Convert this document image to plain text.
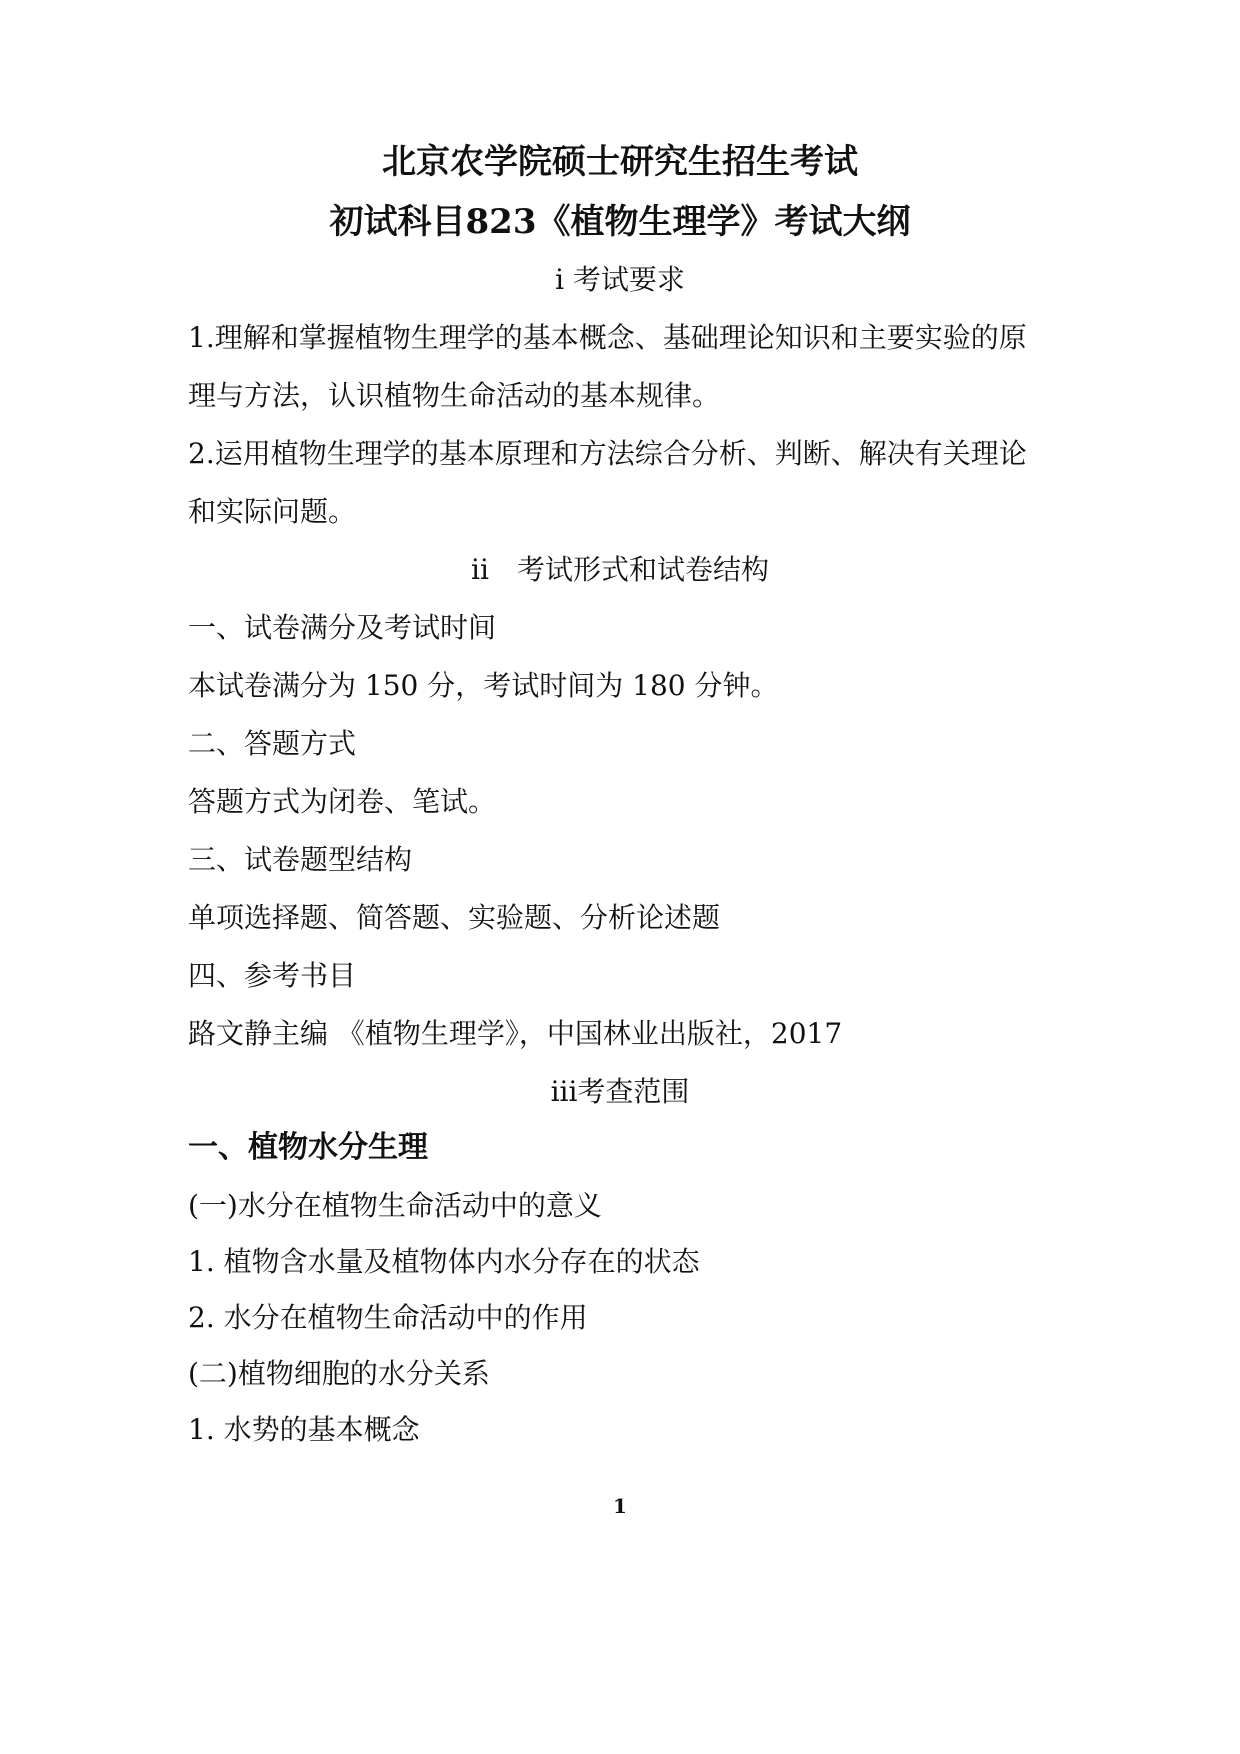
北京农学院硕士研究生招生考试
初试科目823《植物生理学》考试大纲
i 考试要求
1.理解和掌握植物生理学的基本概念、基础理论知识和主要实验的原
理与方法，认识植物生命活动的基本规律。
2.运用植物生理学的基本原理和方法综合分析、判断、解决有关理论
和实际问题。
ii　考试形式和试卷结构
一、试卷满分及考试时间
本试卷满分为 150 分，考试时间为 180 分钟。
二、答题方式
答题方式为闭卷、笔试。
三、试卷题型结构
单项选择题、简答题、实验题、分析论述题
四、参考书目
路文静主编 《植物生理学》，中国林业出版社，2017
iii考查范围
一、植物水分生理
(一)水分在植物生命活动中的意义
1. 植物含水量及植物体内水分存在的状态
2. 水分在植物生命活动中的作用
(二)植物细胞的水分关系
1. 水势的基本概念
1
